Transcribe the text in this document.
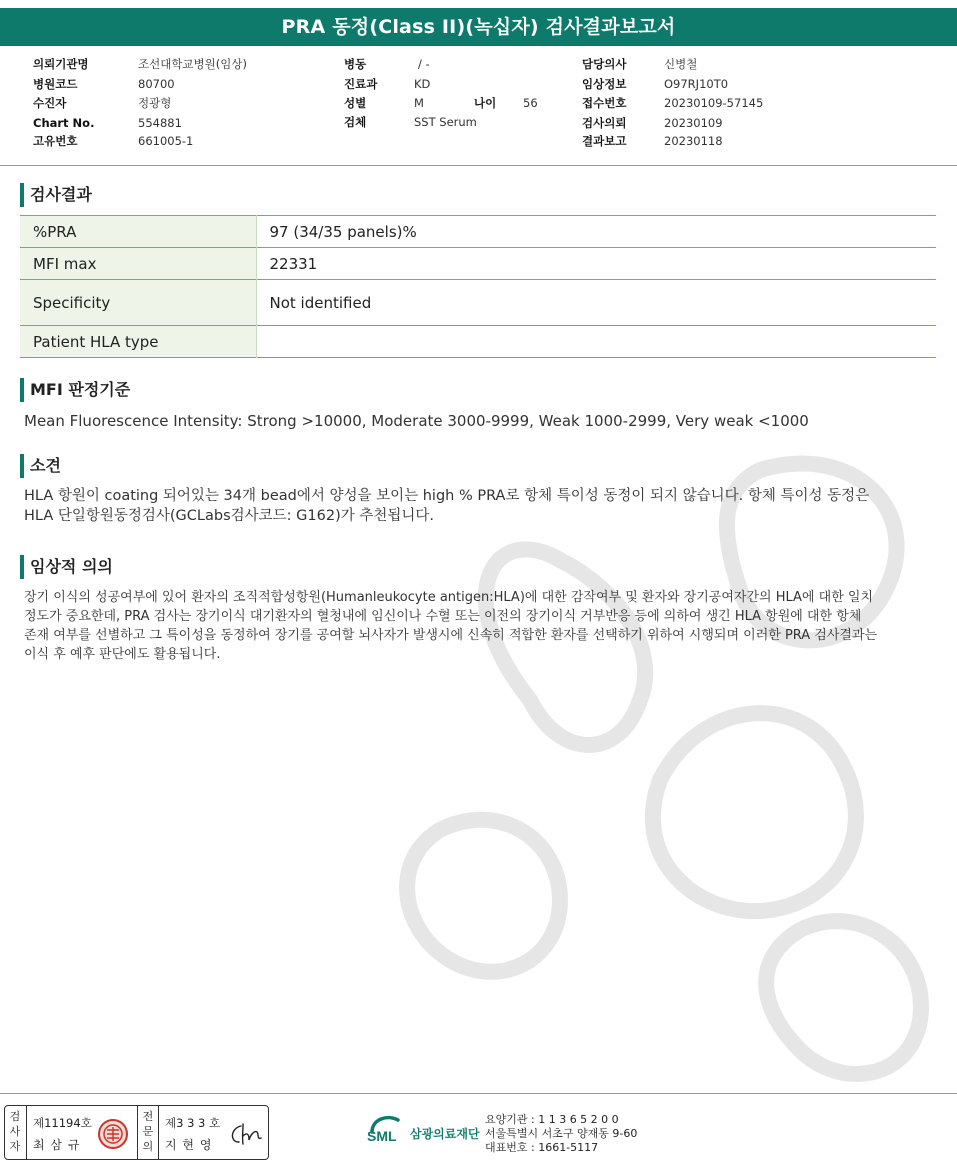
PRA 동정(Class II)(녹십자) 검사결과보고서
의뢰기관명	조선대학교병원(임상)
병원코드	80700
수진자	정광형
Chart No.	554881
고유번호	661005-1
병동	/ -
진료과	KD
성별	M	나이 56
검체	SST Serum
담당의사	신병철
임상정보	O97RJ10T0
접수번호	20230109-57145
검사의뢰	20230109
결과보고	20230118
검사결과
%PRA	97 (34/35 panels)%
MFI max	22331
Specificity	Not identified
Patient HLA type	
MFI 판정기준
Mean Fluorescence Intensity: Strong >10000, Moderate 3000-9999, Weak 1000-2999, Very weak <1000
소견
HLA 항원이 coating 되어있는 34개 bead에서 양성을 보이는 high % PRA로 항체 특이성 동정이 되지 않습니다. 항체 특이성 동정은
HLA 단일항원동정검사(GCLabs검사코드: G162)가 추천됩니다.
임상적 의의
장기 이식의 성공여부에 있어 환자의 조직적합성항원(Humanleukocyte antigen:HLA)에 대한 감작여부 및 환자와 장기공여자간의 HLA에 대한 일치
정도가 중요한데, PRA 검사는 장기이식 대기환자의 혈청내에 임신이나 수혈 또는 이전의 장기이식 거부반응 등에 의하여 생긴 HLA 항원에 대한 항체
존재 여부를 선별하고 그 특이성을 동정하여 장기를 공여할 뇌사자가 발생시에 신속히 적합한 환자를 선택하기 위하여 시행되며 이러한 PRA 검사결과는
이식 후 예후 판단에도 활용됩니다.
검
사
자
제11194호
최 삼 규
전
문
의
제3 3 3 호
지 현 영
SML 삼광의료재단
요양기관 : 1 1 3 6 5 2 0 0
서울특별시 서초구 양재동 9-60
대표번호 : 1661-5117
